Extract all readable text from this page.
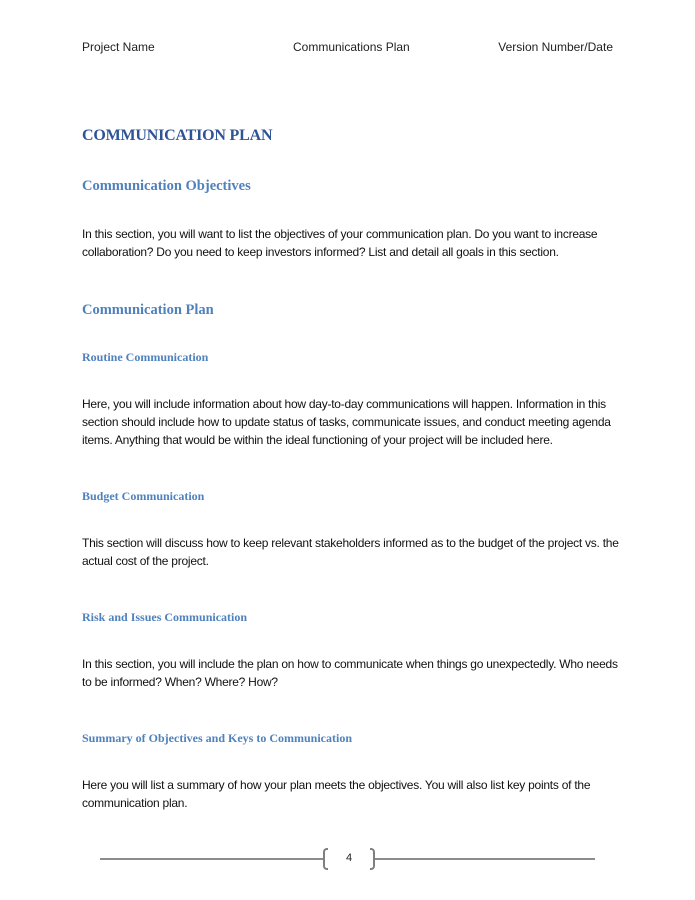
Project Name	Communications Plan	Version Number/Date
COMMUNICATION PLAN
Communication Objectives
In this section, you will want to list the objectives of your communication plan. Do you want to increase collaboration? Do you need to keep investors informed? List and detail all goals in this section.
Communication Plan
Routine Communication
Here, you will include information about how day-to-day communications will happen. Information in this section should include how to update status of tasks, communicate issues, and conduct meeting agenda items. Anything that would be within the ideal functioning of your project will be included here.
Budget Communication
This section will discuss how to keep relevant stakeholders informed as to the budget of the project vs. the actual cost of the project.
Risk and Issues Communication
In this section, you will include the plan on how to communicate when things go unexpectedly. Who needs to be informed? When? Where? How?
Summary of Objectives and Keys to Communication
Here you will list a summary of how your plan meets the objectives. You will also list key points of the communication plan.
4
